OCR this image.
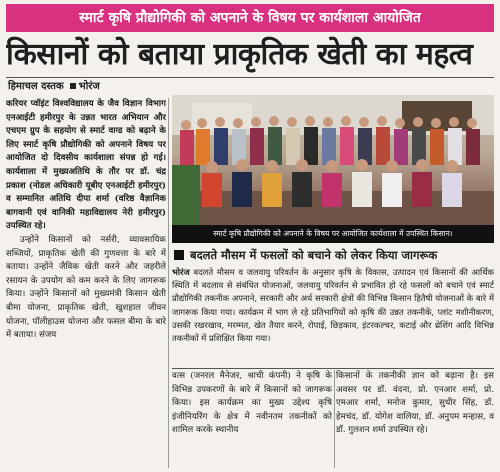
स्मार्ट कृषि प्रौद्योगिकी को अपनाने के विषय पर कार्यशाला आयोजित
किसानों को बताया प्राकृतिक खेती का महत्व
हिमाचल दस्तक भोरंज
करियर प्वॉइंट विश्वविद्यालय के जैव विज्ञान विभाग एनआईटी हमीरपुर के उन्नत भारत अभियान और एचएम ग्रुप के सहयोग से स्मार्ट वाग्ड को बढ़ाने के लिए स्मार्ट कृषि प्रौद्योगिकी को अपनाने विषय पर आयोजित दो दिवसीय कार्यशाला संपन्न हो गई। कार्यशाला में मुख्यअतिथि के तौर पर डॉ. चंद्र प्रकाश (नोडल अधिकारी यूबीए एनआईटी हमीरपुर) व सम्मानित अतिथि दीपा शर्मा (वरिष्ठ वैज्ञानिक बागवानी एवं वानिकी महाविद्यालय नेरी हमीरपुर) उपस्थित रहे।
उन्होंने किसानों को नर्सरी, व्यावसायिक सब्जियों, प्राकृतिक खेती की गुणवत्ता के बारे में बताया। उन्होंने जैविक खेती करने और जहरीले रसायन के उपयोग को कम करने के लिए जागरूक किया। उन्होंने किसानों को मुख्यमंत्री किसान खेती बीमा योजना, प्राकृतिक खेती, खुशहाल जीवन योजना, पॉलीहाउस योजना और फसल बीमा के बारे में बताया। संजय
स्मार्ट कृषि प्रौद्योगिकी को अपनाने के विषय पर आयोजित कार्यशाला में उपस्थित किसान।
बदलते मौसम में फसलों को बचाने को लेकर किया जागरूक
भोरंज बदलते मौसम व जलवायु परिवर्तन के अनुसार कृषि के विकास, उत्पादन एवं किसानों की आर्थिक स्थिति में बदलाव से संबंधित योजनाओं, जलवायु परिवर्तन से प्रभावित हो रहे फसलों को बचाने एवं स्मार्ट प्रौद्योगिकी तकनीक अपनाने, सरकारी और अर्ध सरकारी क्षेत्रों की विभिन्न किसान हितैषी योजनाओं के बारे में जागरूक किया गया। कार्यक्रम में भाग ले रहे प्रतिभागियों को कृषि की उन्नत तकनीकें, प्लांट मशीनीकरण, उसकी रखरखाव, मरम्मत, खेत तैयार करने, रोपाई, छिड़काव, इंटरकल्चर, कटाई और थ्रेशिंग आदि विभिन्न तकनीकों में प्रशिक्षित किया गया।
वत्स (जनरल मैनेजर, श्राची कंपनी) ने कृषि के विभिन्न उपकरणों के बारे में किसानों को जागरूक किया। इस कार्यक्रम का मुख्य उद्देश्य कृषि इंजीनियरिंग के क्षेत्र में नवीनतम तकनीकों को शामिल करके स्थानीय
किसानों के तकनीकी ज्ञान को बढ़ाना है। इस अवसर पर डॉ. वंदना, प्रो. एनआर शर्मा, प्रो. एमआर शर्मा, मनोज कुमार, सुधीर सिंह, डॉ. हेमचंद, डॉ. योगेश वालिया, डॉ. अनुपम मन्हास, व डॉ. गुलशन शर्मा उपस्थित रहे।
